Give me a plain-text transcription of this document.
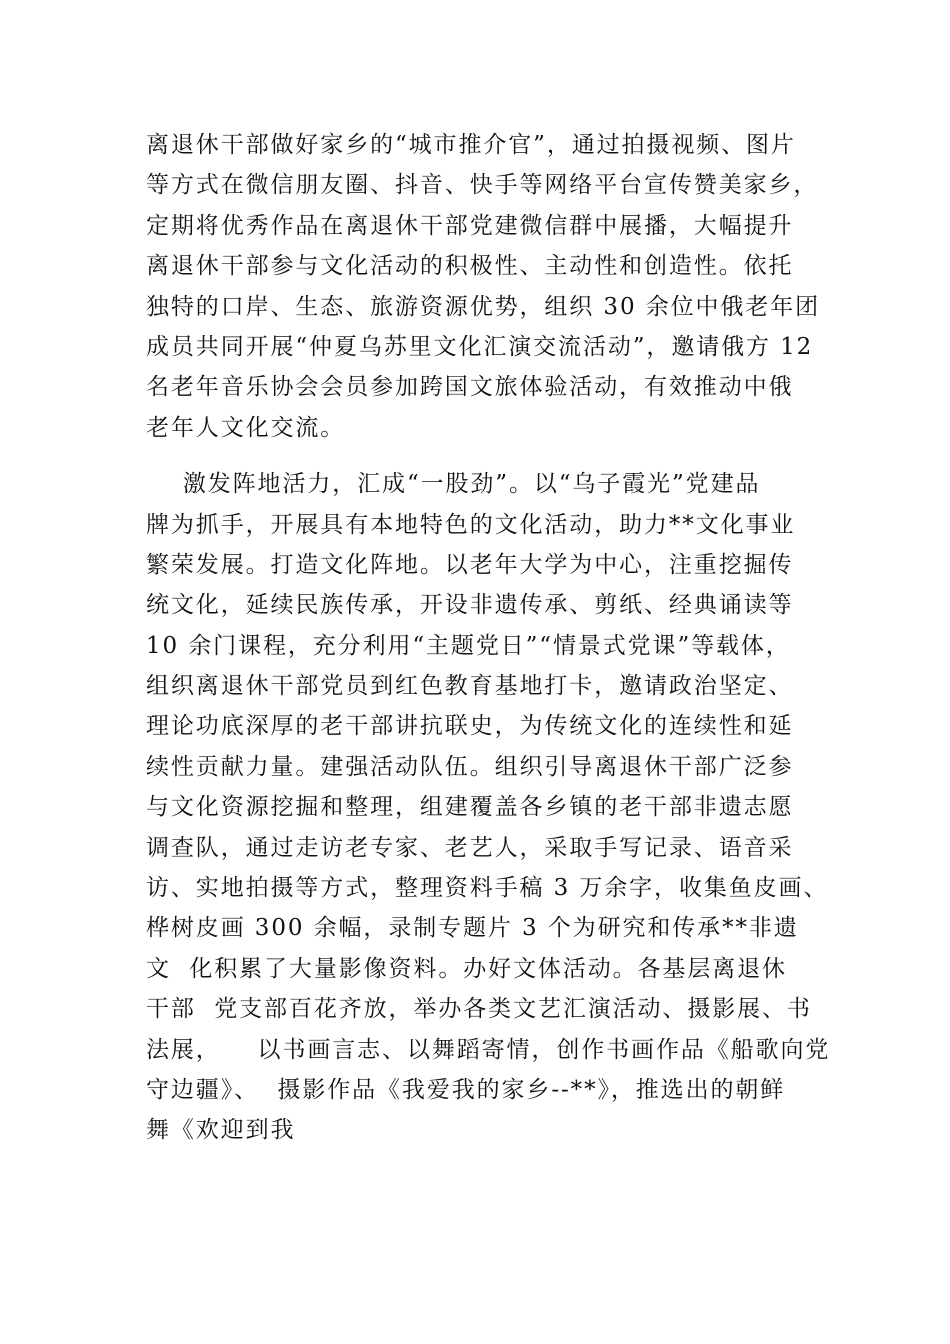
离退休干部做好家乡的“城市推介官”，通过拍摄视频、图片
等方式在微信朋友圈、抖音、快手等网络平台宣传赞美家乡，
定期将优秀作品在离退休干部党建微信群中展播，大幅提升
离退休干部参与文化活动的积极性、主动性和创造性。依托
独特的口岸、生态、旅游资源优势，组织 30 余位中俄老年团
成员共同开展“仲夏乌苏里文化汇演交流活动”，邀请俄方 12
名老年音乐协会会员参加跨国文旅体验活动，有效推动中俄
老年人文化交流。
激发阵地活力，汇成“一股劲”。以“乌子霞光”党建品
牌为抓手，开展具有本地特色的文化活动，助力**文化事业
繁荣发展。打造文化阵地。以老年大学为中心，注重挖掘传
统文化，延续民族传承，开设非遗传承、剪纸、经典诵读等
10 余门课程，充分利用“主题党日”“情景式党课”等载体，
组织离退休干部党员到红色教育基地打卡，邀请政治坚定、
理论功底深厚的老干部讲抗联史，为传统文化的连续性和延
续性贡献力量。建强活动队伍。组织引导离退休干部广泛参
与文化资源挖掘和整理，组建覆盖各乡镇的老干部非遗志愿
调查队，通过走访老专家、老艺人，采取手写记录、语音采
访、实地拍摄等方式，整理资料手稿 3 万余字，收集鱼皮画、
桦树皮画 300 余幅，录制专题片 3 个为研究和传承**非遗
文  化积累了大量影像资料。办好文体活动。各基层离退休
干部  党支部百花齐放，举办各类文艺汇演活动、摄影展、书
法展，    以书画言志、以舞蹈寄情，创作书画作品《船歌向党
守边疆》、  摄影作品《我爱我的家乡--**》，推选出的朝鲜
舞《欢迎到我
